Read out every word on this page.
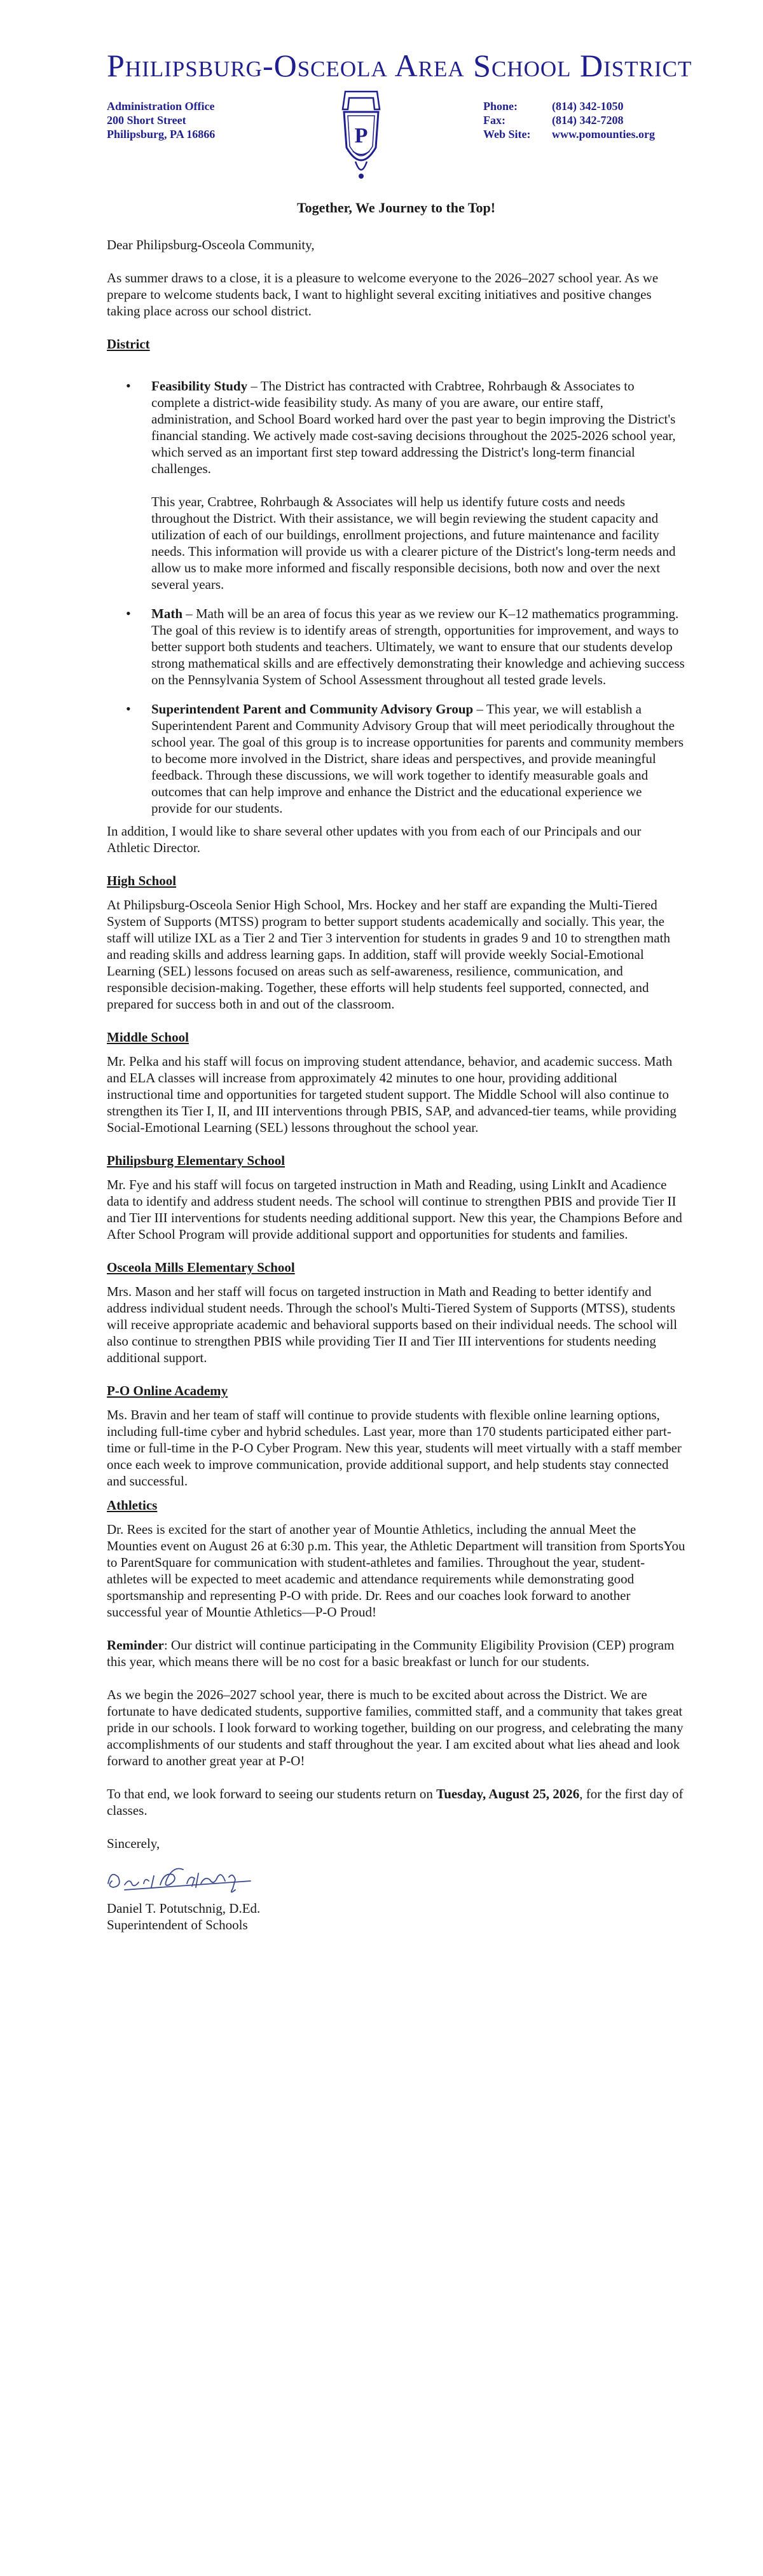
Philipsburg-Osceola Area School District
Administration Office
200 Short Street
Philipsburg, PA 16866	P
Phone:	(814) 342-1050
Fax:	(814) 342-7208
Web Site:	www.pomounties.org
Together, We Journey to the Top!

Dear Philipsburg-Osceola Community,

As summer draws to a close, it is a pleasure to welcome everyone to the 2026–2027 school year. As we prepare to welcome students back, I want to highlight several exciting initiatives and positive changes taking place across our school district.

District
• Feasibility Study – The District has contracted with Crabtree, Rohrbaugh & Associates to complete a district-wide feasibility study. As many of you are aware, our entire staff, administration, and School Board worked hard over the past year to begin improving the District's financial standing. We actively made cost-saving decisions throughout the 2025-2026 school year, which served as an important first step toward addressing the District's long-term financial challenges.

This year, Crabtree, Rohrbaugh & Associates will help us identify future costs and needs throughout the District. With their assistance, we will begin reviewing the student capacity and utilization of each of our buildings, enrollment projections, and future maintenance and facility needs. This information will provide us with a clearer picture of the District's long-term needs and allow us to make more informed and fiscally responsible decisions, both now and over the next several years.

• Math – Math will be an area of focus this year as we review our K–12 mathematics programming. The goal of this review is to identify areas of strength, opportunities for improvement, and ways to better support both students and teachers. Ultimately, we want to ensure that our students develop strong mathematical skills and are effectively demonstrating their knowledge and achieving success on the Pennsylvania System of School Assessment throughout all tested grade levels.

• Superintendent Parent and Community Advisory Group – This year, we will establish a Superintendent Parent and Community Advisory Group that will meet periodically throughout the school year. The goal of this group is to increase opportunities for parents and community members to become more involved in the District, share ideas and perspectives, and provide meaningful feedback. Through these discussions, we will work together to identify measurable goals and outcomes that can help improve and enhance the District and the educational experience we provide for our students.

In addition, I would like to share several other updates with you from each of our Principals and our Athletic Director.

High School

At Philipsburg-Osceola Senior High School, Mrs. Hockey and her staff are expanding the Multi-Tiered System of Supports (MTSS) program to better support students academically and socially. This year, the staff will utilize IXL as a Tier 2 and Tier 3 intervention for students in grades 9 and 10 to strengthen math and reading skills and address learning gaps. In addition, staff will provide weekly Social-Emotional Learning (SEL) lessons focused on areas such as self-awareness, resilience, communication, and responsible decision-making. Together, these efforts will help students feel supported, connected, and prepared for success both in and out of the classroom.

Middle School

Mr. Pelka and his staff will focus on improving student attendance, behavior, and academic success. Math and ELA classes will increase from approximately 42 minutes to one hour, providing additional instructional time and opportunities for targeted student support. The Middle School will also continue to strengthen its Tier I, II, and III interventions through PBIS, SAP, and advanced-tier teams, while providing Social-Emotional Learning (SEL) lessons throughout the school year.

Philipsburg Elementary School

Mr. Fye and his staff will focus on targeted instruction in Math and Reading, using LinkIt and Acadience data to identify and address student needs. The school will continue to strengthen PBIS and provide Tier II and Tier III interventions for students needing additional support. New this year, the Champions Before and After School Program will provide additional support and opportunities for students and families.

Osceola Mills Elementary School

Mrs. Mason and her staff will focus on targeted instruction in Math and Reading to better identify and address individual student needs. Through the school's Multi-Tiered System of Supports (MTSS), students will receive appropriate academic and behavioral supports based on their individual needs. The school will also continue to strengthen PBIS while providing Tier II and Tier III interventions for students needing additional support.

P-O Online Academy

Ms. Bravin and her team of staff will continue to provide students with flexible online learning options, including full-time cyber and hybrid schedules. Last year, more than 170 students participated either part-time or full-time in the P-O Cyber Program. New this year, students will meet virtually with a staff member once each week to improve communication, provide additional support, and help students stay connected and successful.

Athletics

Dr. Rees is excited for the start of another year of Mountie Athletics, including the annual Meet the Mounties event on August 26 at 6:30 p.m. This year, the Athletic Department will transition from SportsYou to ParentSquare for communication with student-athletes and families. Throughout the year, student-athletes will be expected to meet academic and attendance requirements while demonstrating good sportsmanship and representing P-O with pride. Dr. Rees and our coaches look forward to another successful year of Mountie Athletics—P-O Proud!

Reminder: Our district will continue participating in the Community Eligibility Provision (CEP) program this year, which means there will be no cost for a basic breakfast or lunch for our students.

As we begin the 2026–2027 school year, there is much to be excited about across the District. We are fortunate to have dedicated students, supportive families, committed staff, and a community that takes great pride in our schools. I look forward to working together, building on our progress, and celebrating the many accomplishments of our students and staff throughout the year. I am excited about what lies ahead and look forward to another great year at P-O!

To that end, we look forward to seeing our students return on Tuesday, August 25, 2026, for the first day of classes.

Sincerely,
Daniel T. Potutschnig, D.Ed.
Superintendent of Schools
